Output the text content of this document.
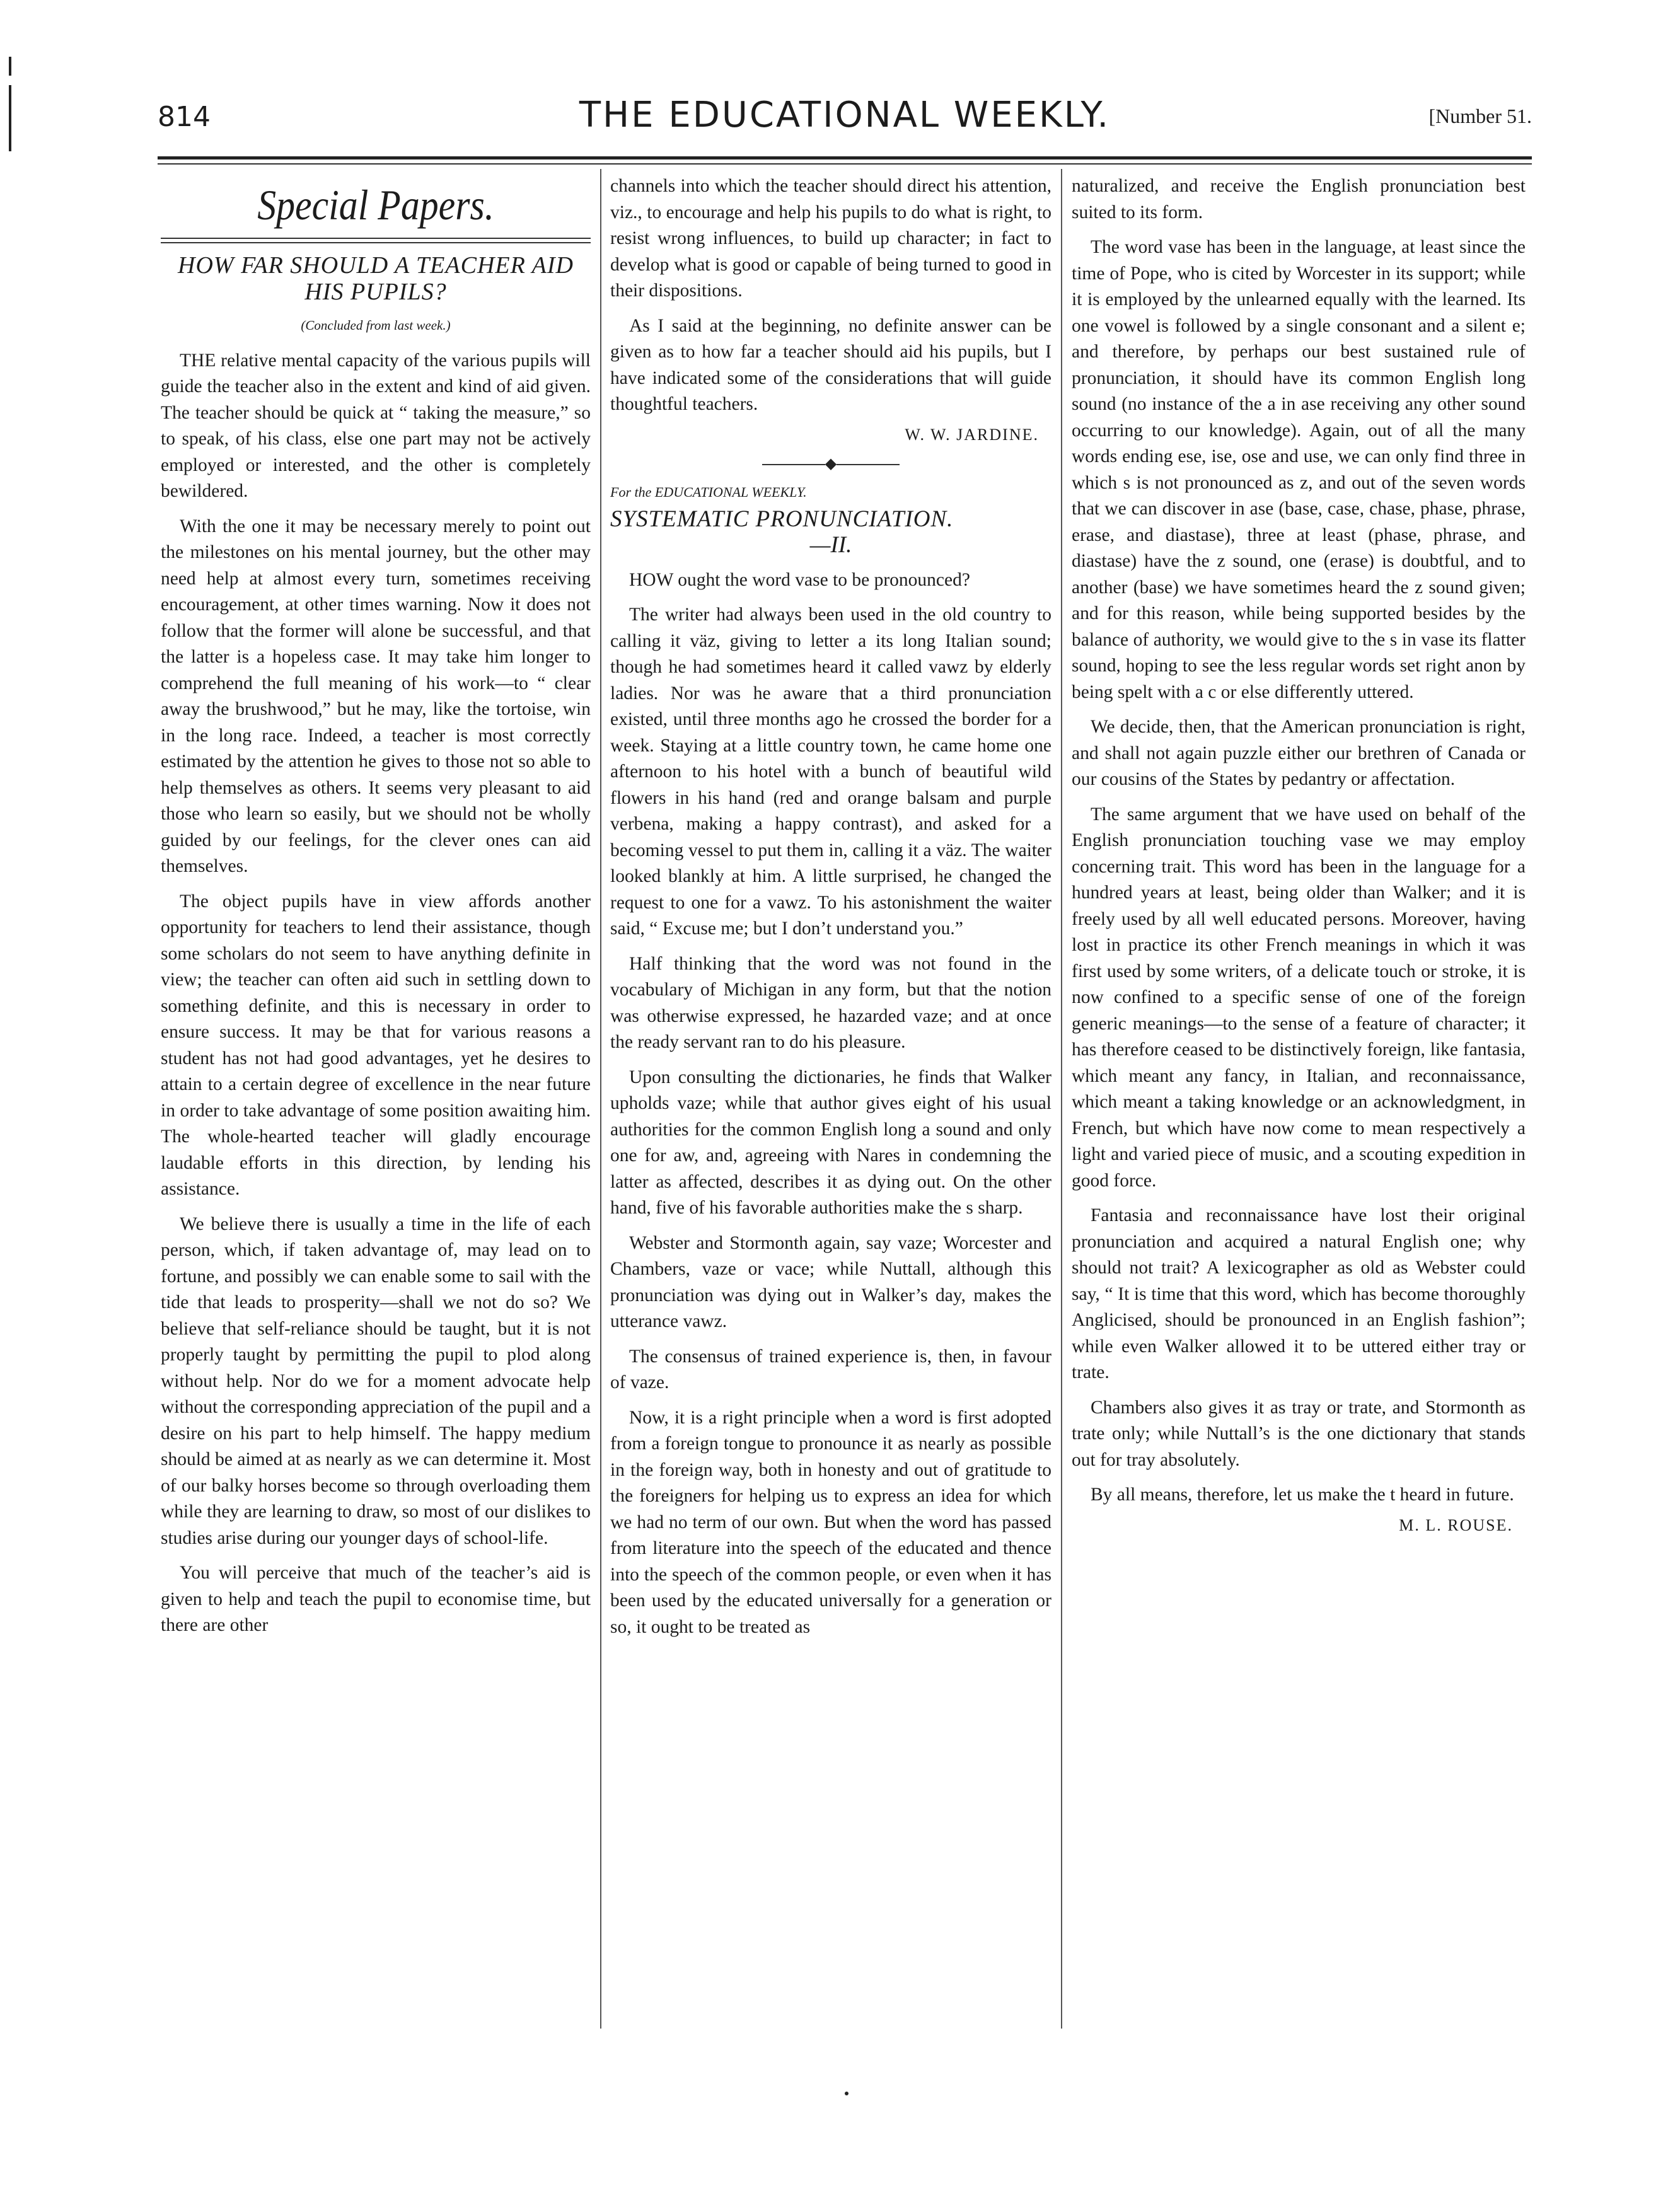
814	THE EDUCATIONAL WEEKLY.	[Number 51.
Special Papers.
HOW FAR SHOULD A TEACHER AID HIS PUPILS?
(Concluded from last week.)

THE relative mental capacity of the various pupils will guide the teacher also in the extent and kind of aid given. The teacher should be quick at “ taking the measure,” so to speak, of his class, else one part may not be actively employed or interested, and the other is completely bewildered.

With the one it may be necessary merely to point out the milestones on his mental journey, but the other may need help at almost every turn, sometimes receiving encouragement, at other times warning. Now it does not follow that the former will alone be successful, and that the latter is a hopeless case. It may take him longer to comprehend the full meaning of his work—to “ clear away the brushwood,” but he may, like the tortoise, win in the long race. Indeed, a teacher is most correctly estimated by the attention he gives to those not so able to help themselves as others. It seems very pleasant to aid those who learn so easily, but we should not be wholly guided by our feelings, for the clever ones can aid themselves.

The object pupils have in view affords another opportunity for teachers to lend their assistance, though some scholars do not seem to have anything definite in view; the teacher can often aid such in settling down to something definite, and this is necessary in order to ensure success. It may be that for various reasons a student has not had good advantages, yet he desires to attain to a certain degree of excellence in the near future in order to take advantage of some position awaiting him. The whole-hearted teacher will gladly encourage laudable efforts in this direction, by lending his assistance.

We believe there is usually a time in the life of each person, which, if taken advantage of, may lead on to fortune, and possibly we can enable some to sail with the tide that leads to prosperity—shall we not do so? We believe that self-reliance should be taught, but it is not properly taught by permitting the pupil to plod along without help. Nor do we for a moment advocate help without the corresponding appreciation of the pupil and a desire on his part to help himself. The happy medium should be aimed at as nearly as we can determine it. Most of our balky horses become so through overloading them while they are learning to draw, so most of our dislikes to studies arise during our younger days of school-life.

You will perceive that much of the teacher’s aid is given to help and teach the pupil to economise time, but there are other

channels into which the teacher should direct his attention, viz., to encourage and help his pupils to do what is right, to resist wrong influences, to build up character; in fact to develop what is good or capable of being turned to good in their dispositions.

As I said at the beginning, no definite answer can be given as to how far a teacher should aid his pupils, but I have indicated some of the considerations that will guide thoughtful teachers.

W. W. JARDINE.
◆
For the EDUCATIONAL WEEKLY.
SYSTEMATIC PRONUNCIATION.
—II.

HOW ought the word vase to be pronounced?

The writer had always been used in the old country to calling it väz, giving to letter a its long Italian sound; though he had sometimes heard it called vawz by elderly ladies. Nor was he aware that a third pronunciation existed, until three months ago he crossed the border for a week. Staying at a little country town, he came home one afternoon to his hotel with a bunch of beautiful wild flowers in his hand (red and orange balsam and purple verbena, making a happy contrast), and asked for a becoming vessel to put them in, calling it a väz. The waiter looked blankly at him. A little surprised, he changed the request to one for a vawz. To his astonishment the waiter said, “ Excuse me; but I don’t understand you.”

Half thinking that the word was not found in the vocabulary of Michigan in any form, but that the notion was otherwise expressed, he hazarded vaze; and at once the ready servant ran to do his pleasure.

Upon consulting the dictionaries, he finds that Walker upholds vaze; while that author gives eight of his usual authorities for the common English long a sound and only one for aw, and, agreeing with Nares in condemning the latter as affected, describes it as dying out. On the other hand, five of his favorable authorities make the s sharp.

Webster and Stormonth again, say vaze; Worcester and Chambers, vaze or vace; while Nuttall, although this pronunciation was dying out in Walker’s day, makes the utterance vawz.

The consensus of trained experience is, then, in favour of vaze.

Now, it is a right principle when a word is first adopted from a foreign tongue to pronounce it as nearly as possible in the foreign way, both in honesty and out of gratitude to the foreigners for helping us to express an idea for which we had no term of our own. But when the word has passed from literature into the speech of the educated and thence into the speech of the common people, or even when it has been used by the educated universally for a generation or so, it ought to be treated as

naturalized, and receive the English pronunciation best suited to its form.

The word vase has been in the language, at least since the time of Pope, who is cited by Worcester in its support; while it is employed by the unlearned equally with the learned. Its one vowel is followed by a single consonant and a silent e; and therefore, by perhaps our best sustained rule of pronunciation, it should have its common English long sound (no instance of the a in ase receiving any other sound occurring to our knowledge). Again, out of all the many words ending ese, ise, ose and use, we can only find three in which s is not pronounced as z, and out of the seven words that we can discover in ase (base, case, chase, phase, phrase, erase, and diastase), three at least (phase, phrase, and diastase) have the z sound, one (erase) is doubtful, and to another (base) we have sometimes heard the z sound given; and for this reason, while being supported besides by the balance of authority, we would give to the s in vase its flatter sound, hoping to see the less regular words set right anon by being spelt with a c or else differently uttered.

We decide, then, that the American pronunciation is right, and shall not again puzzle either our brethren of Canada or our cousins of the States by pedantry or affectation.

The same argument that we have used on behalf of the English pronunciation touching vase we may employ concerning trait. This word has been in the language for a hundred years at least, being older than Walker; and it is freely used by all well educated persons. Moreover, having lost in practice its other French meanings in which it was first used by some writers, of a delicate touch or stroke, it is now confined to a specific sense of one of the foreign generic meanings—to the sense of a feature of character; it has therefore ceased to be distinctively foreign, like fantasia, which meant any fancy, in Italian, and reconnaissance, which meant a taking knowledge or an acknowledgment, in French, but which have now come to mean respectively a light and varied piece of music, and a scouting expedition in good force.

Fantasia and reconnaissance have lost their original pronunciation and acquired a natural English one; why should not trait? A lexicographer as old as Webster could say, “ It is time that this word, which has become thoroughly Anglicised, should be pronounced in an English fashion”; while even Walker allowed it to be uttered either tray or trate.

Chambers also gives it as tray or trate, and Stormonth as trate only; while Nuttall’s is the one dictionary that stands out for tray absolutely.

By all means, therefore, let us make the t heard in future.

M. L. ROUSE.
